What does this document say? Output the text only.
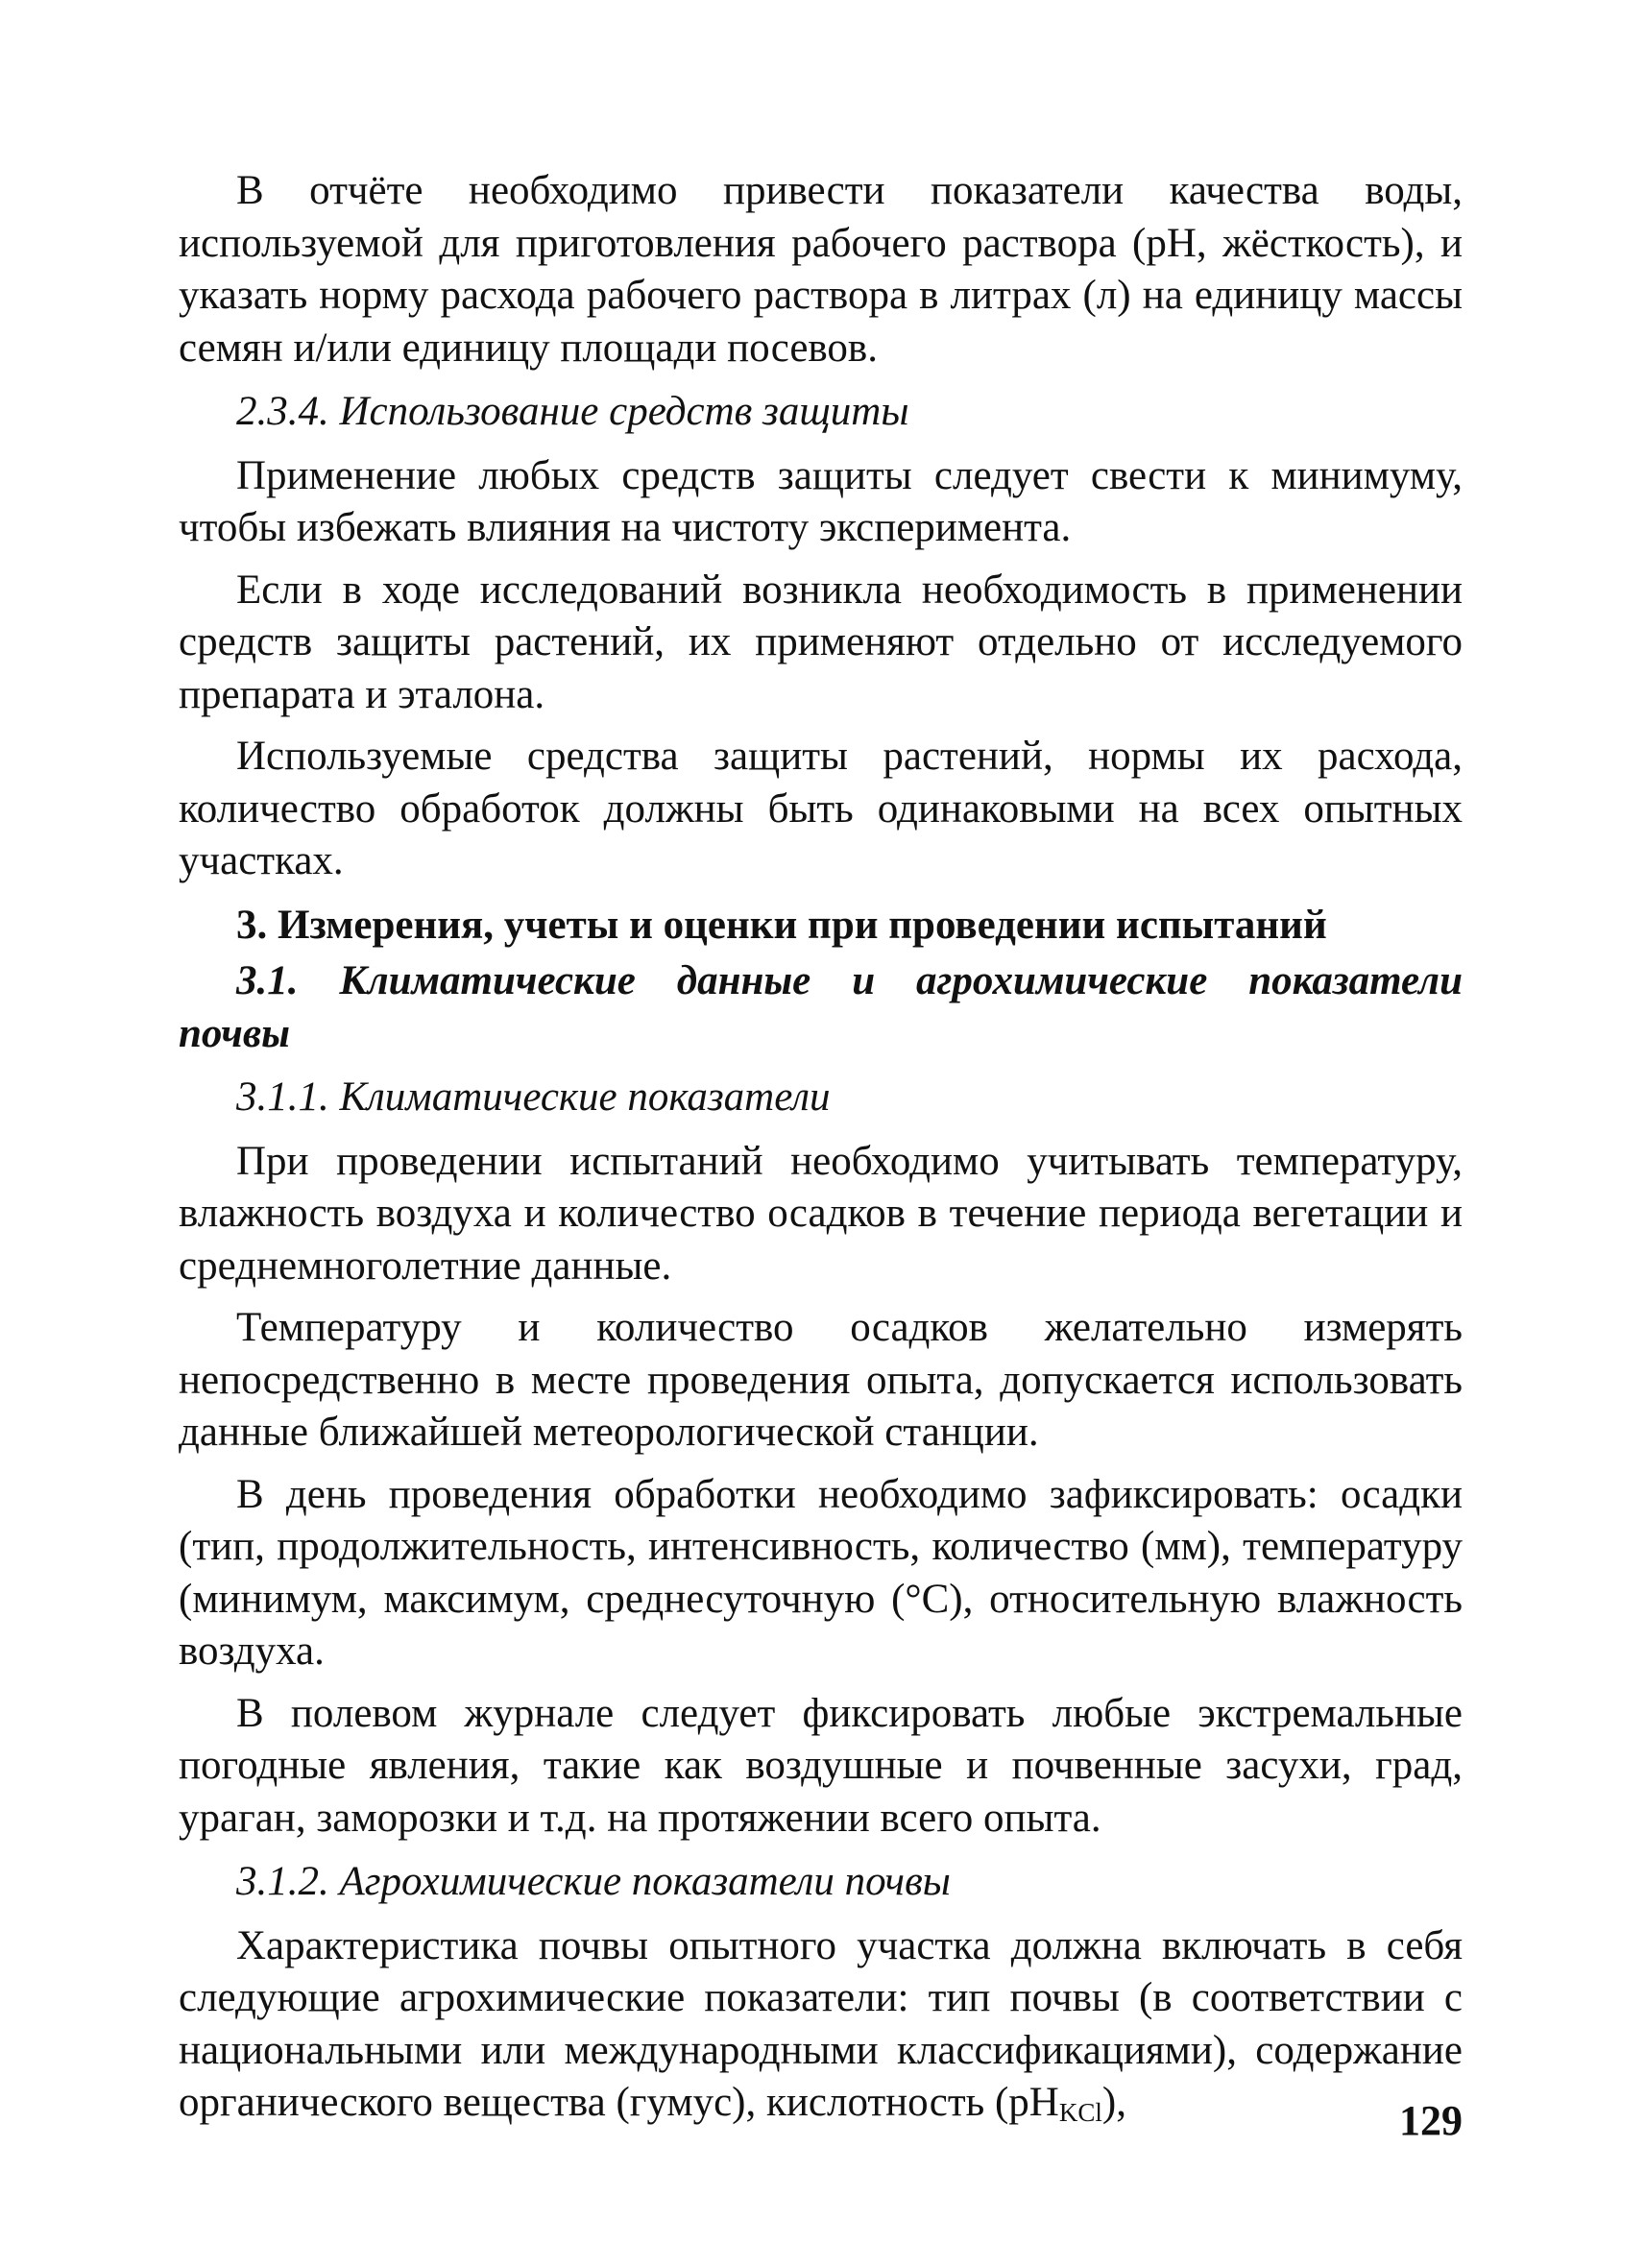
В отчёте необходимо привести показатели качества воды, используемой для приготовления рабочего раствора (pH, жёсткость), и указать норму расхода рабочего раствора в литрах (л) на единицу массы семян и/или единицу площади посевов.

2.3.4. Использование средств защиты

Применение любых средств защиты следует свести к минимуму, чтобы избежать влияния на чистоту эксперимента.

Если в ходе исследований возникла необходимость в применении средств защиты растений, их применяют отдельно от исследуемого препарата и эталона.

Используемые средства защиты растений, нормы их расхода, количество обработок должны быть одинаковыми на всех опытных участках.

3. Измерения, учеты и оценки при проведении испытаний
3.1. Климатические данные и агрохимические показатели почвы
3.1.1. Климатические показатели

При проведении испытаний необходимо учитывать температуру, влажность воздуха и количество осадков в течение периода вегетации и среднемноголетние данные.

Температуру и количество осадков желательно измерять непосредственно в месте проведения опыта, допускается использовать данные ближайшей метеорологической станции.

В день проведения обработки необходимо зафиксировать: осадки (тип, продолжительность, интенсивность, количество (мм), температуру (минимум, максимум, среднесуточную (°С), относительную влажность воздуха.

В полевом журнале следует фиксировать любые экстремальные погодные явления, такие как воздушные и почвенные засухи, град, ураган, заморозки и т.д. на протяжении всего опыта.

3.1.2. Агрохимические показатели почвы

Характеристика почвы опытного участка должна включать в себя следующие агрохимические показатели: тип почвы (в соответствии с национальными или международными классификациями), содержание органического вещества (гумус), кислотность $(pH_{KCl})$,	129
